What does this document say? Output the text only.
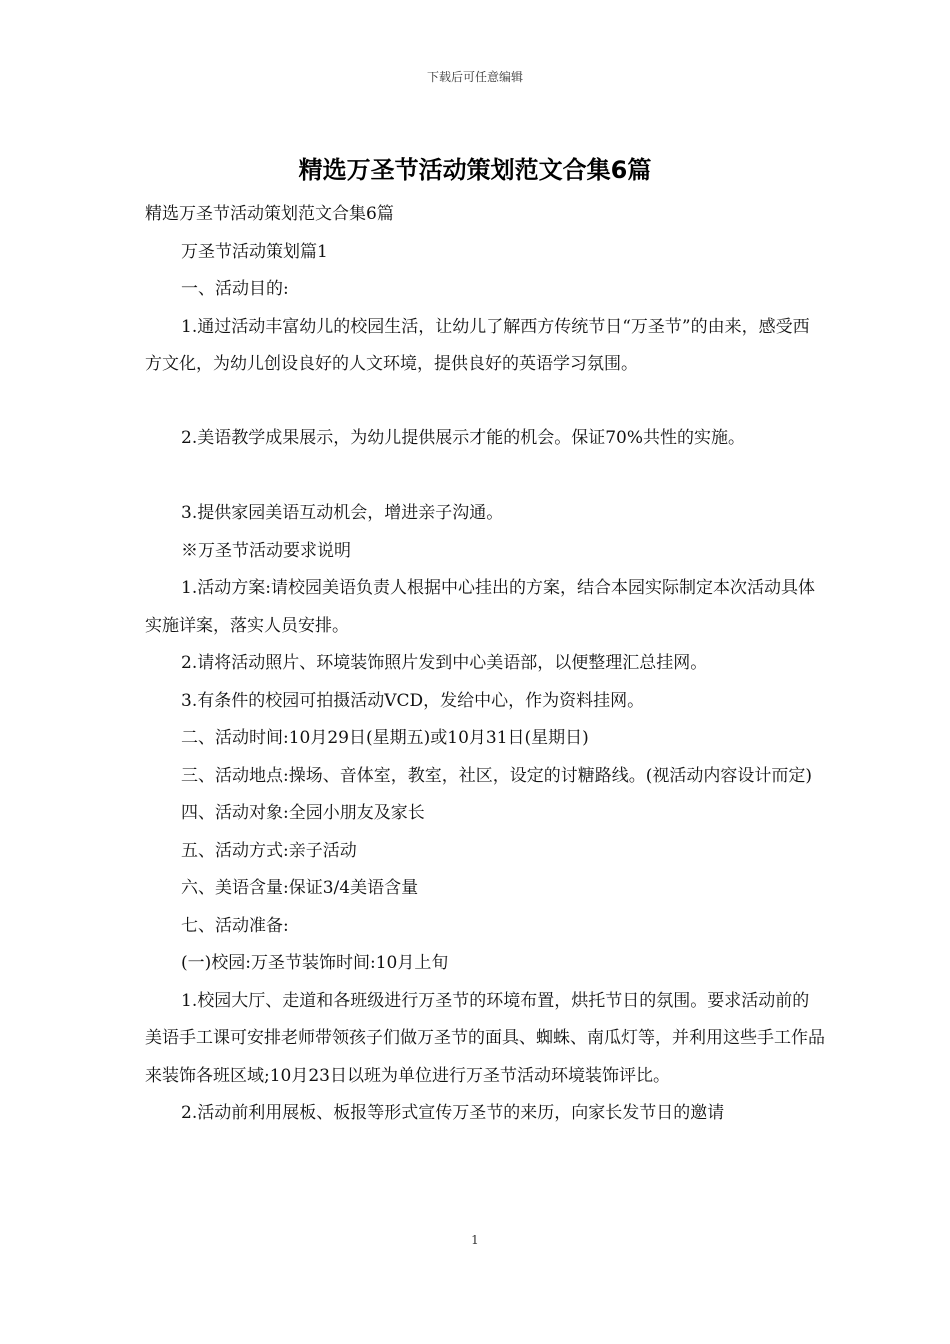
下载后可任意编辑
精选万圣节活动策划范文合集6篇

精选万圣节活动策划范文合集6篇

万圣节活动策划篇1

一、活动目的:

1.通过活动丰富幼儿的校园生活，让幼儿了解西方传统节日“万圣节”的由来，感受西方文化，为幼儿创设良好的人文环境，提供良好的英语学习氛围。

2.美语教学成果展示，为幼儿提供展示才能的机会。保证70%共性的实施。

3.提供家园美语互动机会，增进亲子沟通。

※万圣节活动要求说明

1.活动方案:请校园美语负责人根据中心挂出的方案，结合本园实际制定本次活动具体实施详案，落实人员安排。

2.请将活动照片、环境装饰照片发到中心美语部，以便整理汇总挂网。

3.有条件的校园可拍摄活动VCD，发给中心，作为资料挂网。

二、活动时间:10月29日(星期五)或10月31日(星期日)

三、活动地点:操场、音体室，教室，社区，设定的讨糖路线。(视活动内容设计而定)

四、活动对象:全园小朋友及家长

五、活动方式:亲子活动

六、美语含量:保证3/4美语含量

七、活动准备:

(一)校园:万圣节装饰时间:10月上旬

1.校园大厅、走道和各班级进行万圣节的环境布置，烘托节日的氛围。要求活动前的美语手工课可安排老师带领孩子们做万圣节的面具、蜘蛛、南瓜灯等，并利用这些手工作品来装饰各班区域;10月23日以班为单位进行万圣节活动环境装饰评比。

2.活动前利用展板、板报等形式宣传万圣节的来历，向家长发节日的邀请

1
